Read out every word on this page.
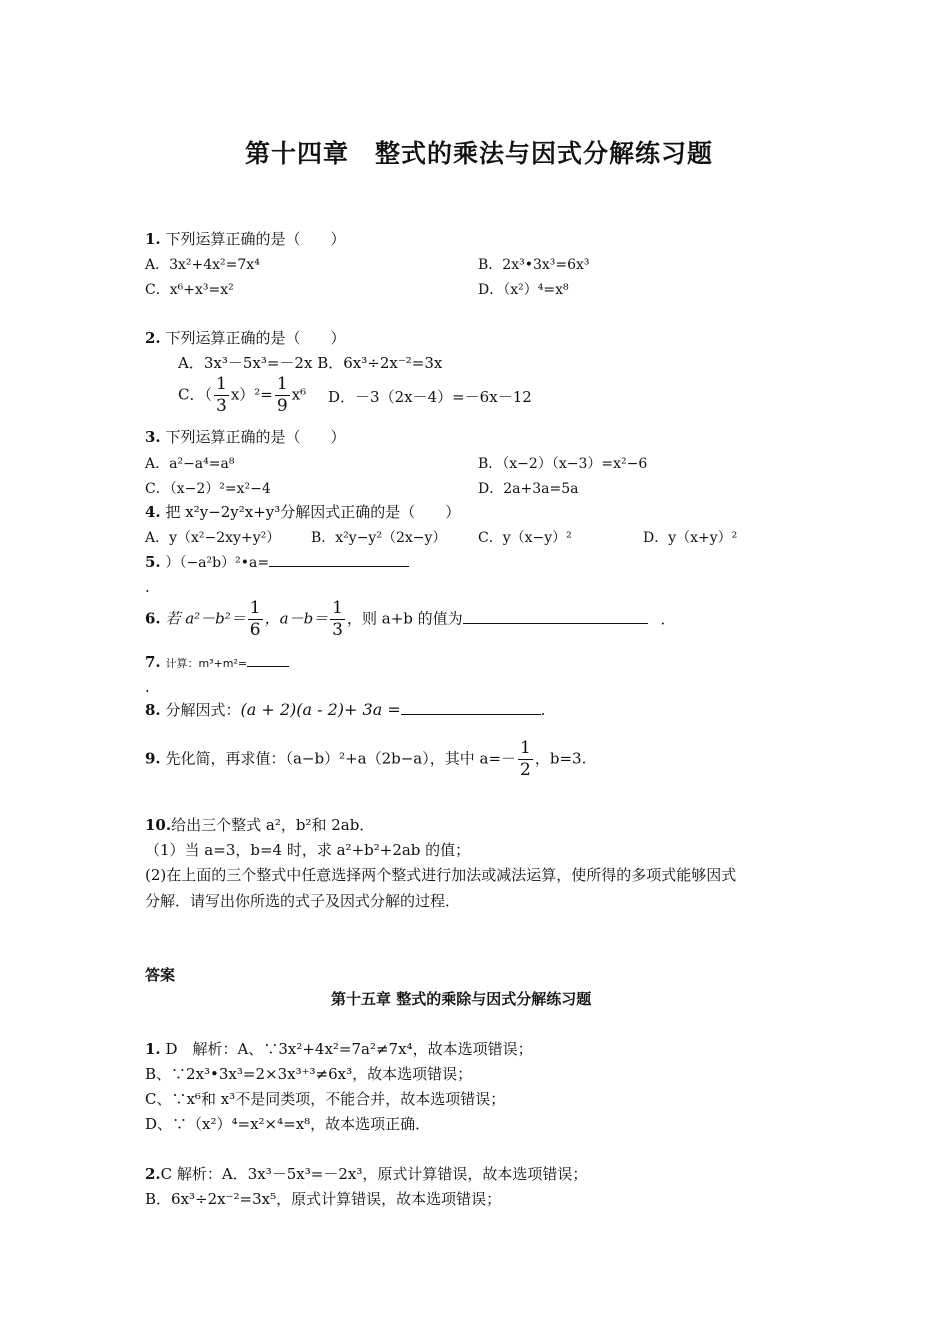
第十四章　整式的乘法与因式分解练习题
1. 下列运算正确的是（　　）
A．3x²+4x²=7x⁴	B．2x³•3x³=6x³
C．x⁶+x³=x²	D．（x²）⁴=x⁸
2. 下列运算正确的是（　　）
A．3x³－5x³=－2x B．6x³÷2x⁻²=3x
C．（ $\frac{1}{3} x)^2= \frac{1}{9} x^6$ D．－3（2x－4）=－6x－12
3. 下列运算正确的是（　　）
A．a²−a⁴=a⁸	B．（x−2）（x−3）=x²−6
C．（x−2）²=x²−4	D．2a+3a=5a
4. 把 x²y−2y²x+y³分解因式正确的是（　　）
A．y（x²−2xy+y²） B．x²y−y²（2x−y） C．y（x−y）²	D．y（x+y）²
5. ）（−a²b）²•a=
.
6. 若 $a^2-b^2= \frac{1}{6}$ ，$a-b= \frac{1}{3}$ ，则 a+b 的值为	．
7. 计算：m³+m²=
.
8. 分解因式：(a + 2)(a - 2)+ 3a =	.
9. 先化简，再求值：（a−b）²+a（2b−a），其中 $a=- \frac{1}{2}$ ，b=3.
10.给出三个整式 a²，b²和 2ab．
（1）当 a=3，b=4 时，求 a²+b²+2ab 的值；
(2)在上面的三个整式中任意选择两个整式进行加法或减法运算，使所得的多项式能够因式
分解．请写出你所选的式子及因式分解的过程．
答案
第十五章 整式的乘除与因式分解练习题
1. D　解析：A、∵3x²+4x²=7a²≠7x⁴，故本选项错误；
B、∵2x³•3x³=2×3x³⁺³≠6x³，故本选项错误；
C、∵x⁶和 x³不是同类项，不能合并，故本选项错误；
D、∵（x²）⁴=x²×⁴=x⁸，故本选项正确．
2.C 解析：A．3x³－5x³=－2x³，原式计算错误，故本选项错误；
B．6x³÷2x⁻²=3x⁵，原式计算错误，故本选项错误；
